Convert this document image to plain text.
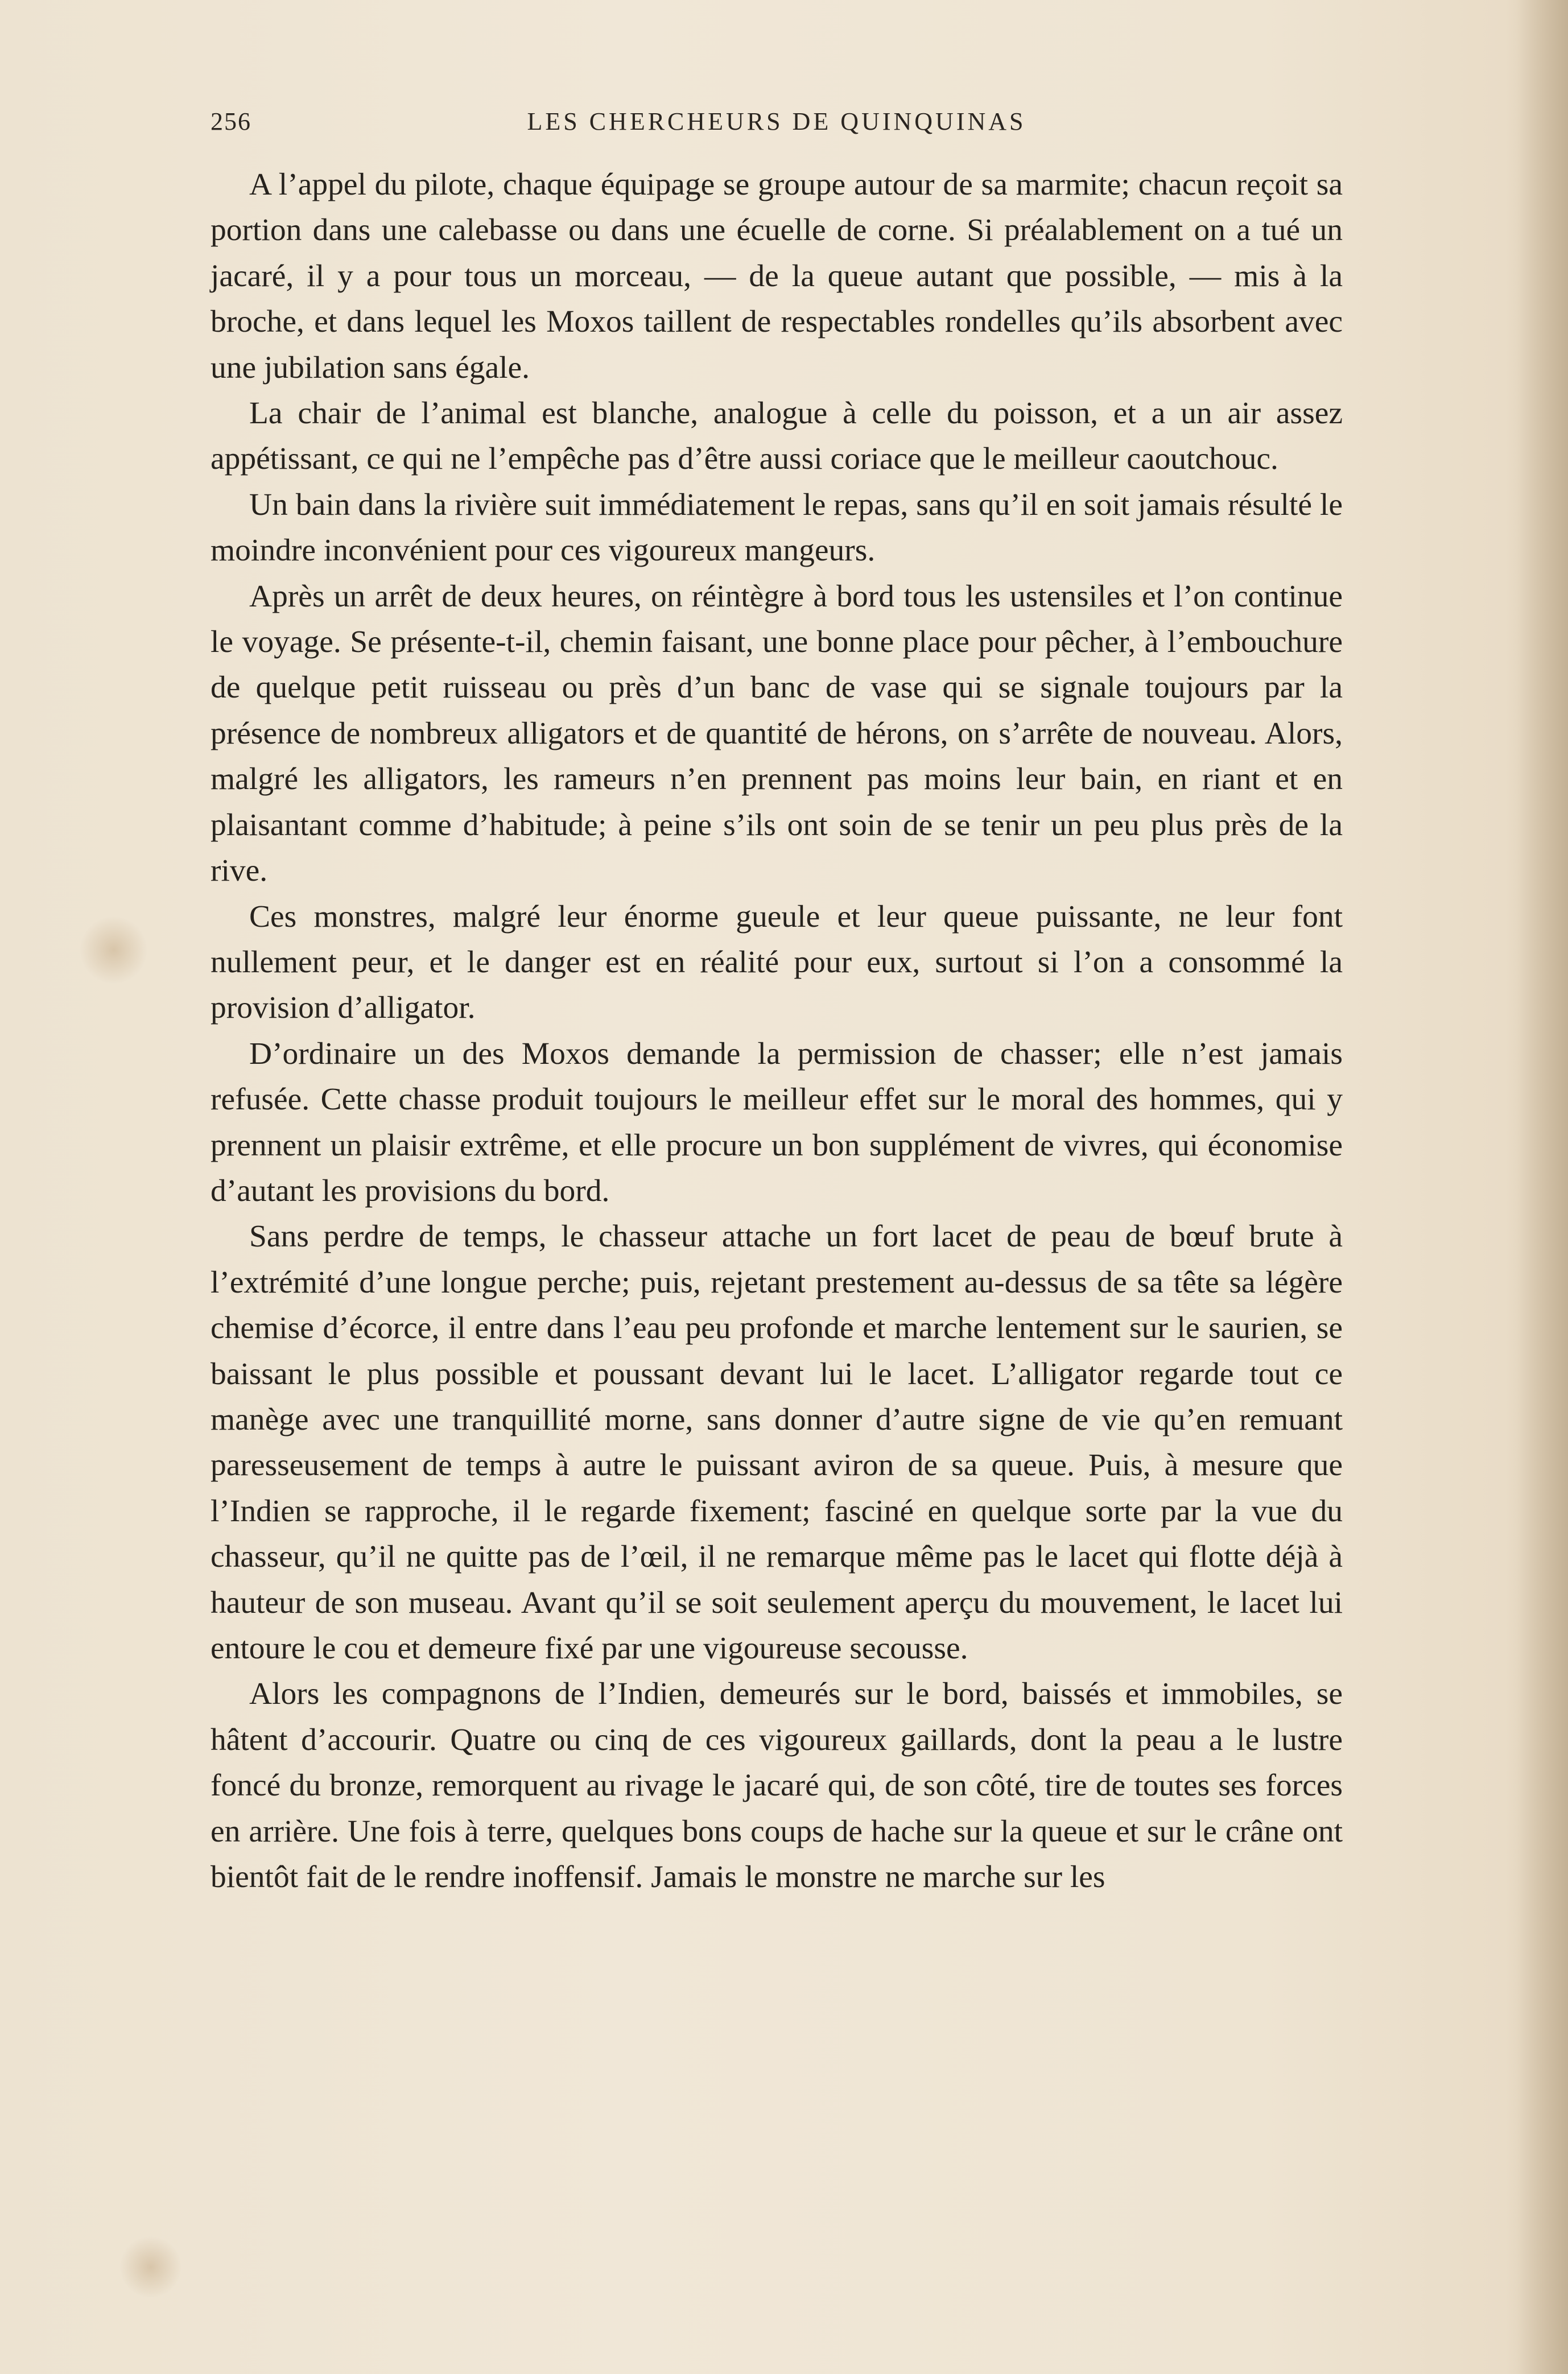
256	LES CHERCHEURS DE QUINQUINAS

A l’appel du pilote, chaque équipage se groupe autour de sa marmite; chacun reçoit sa portion dans une calebasse ou dans une écuelle de corne. Si préalablement on a tué un jacaré, il y a pour tous un morceau, — de la queue autant que possible, — mis à la broche, et dans lequel les Moxos taillent de respectables rondelles qu’ils absorbent avec une jubilation sans égale.

La chair de l’animal est blanche, analogue à celle du poisson, et a un air assez appétissant, ce qui ne l’empêche pas d’être aussi coriace que le meilleur caoutchouc.

Un bain dans la rivière suit immédiatement le repas, sans qu’il en soit jamais résulté le moindre inconvénient pour ces vigoureux mangeurs.

Après un arrêt de deux heures, on réintègre à bord tous les ustensiles et l’on continue le voyage. Se présente-t-il, chemin faisant, une bonne place pour pêcher, à l’embouchure de quelque petit ruisseau ou près d’un banc de vase qui se signale toujours par la présence de nombreux alligators et de quantité de hérons, on s’arrête de nouveau. Alors, malgré les alligators, les rameurs n’en prennent pas moins leur bain, en riant et en plaisantant comme d’habitude; à peine s’ils ont soin de se tenir un peu plus près de la rive.

Ces monstres, malgré leur énorme gueule et leur queue puissante, ne leur font nullement peur, et le danger est en réalité pour eux, surtout si l’on a consommé la provision d’alligator.

D’ordinaire un des Moxos demande la permission de chasser; elle n’est jamais refusée. Cette chasse produit toujours le meilleur effet sur le moral des hommes, qui y prennent un plaisir extrême, et elle procure un bon supplément de vivres, qui économise d’autant les provisions du bord.

Sans perdre de temps, le chasseur attache un fort lacet de peau de bœuf brute à l’extrémité d’une longue perche; puis, rejetant prestement au-dessus de sa tête sa légère chemise d’écorce, il entre dans l’eau peu profonde et marche lentement sur le saurien, se baissant le plus possible et poussant devant lui le lacet. L’alligator regarde tout ce manège avec une tranquillité morne, sans donner d’autre signe de vie qu’en remuant paresseusement de temps à autre le puissant aviron de sa queue. Puis, à mesure que l’Indien se rapproche, il le regarde fixement; fasciné en quelque sorte par la vue du chasseur, qu’il ne quitte pas de l’œil, il ne remarque même pas le lacet qui flotte déjà à hauteur de son museau. Avant qu’il se soit seulement aperçu du mouvement, le lacet lui entoure le cou et demeure fixé par une vigoureuse secousse.

Alors les compagnons de l’Indien, demeurés sur le bord, baissés et immobiles, se hâtent d’accourir. Quatre ou cinq de ces vigoureux gaillards, dont la peau a le lustre foncé du bronze, remorquent au rivage le jacaré qui, de son côté, tire de toutes ses forces en arrière. Une fois à terre, quelques bons coups de hache sur la queue et sur le crâne ont bientôt fait de le rendre inoffensif. Jamais le monstre ne marche sur les
